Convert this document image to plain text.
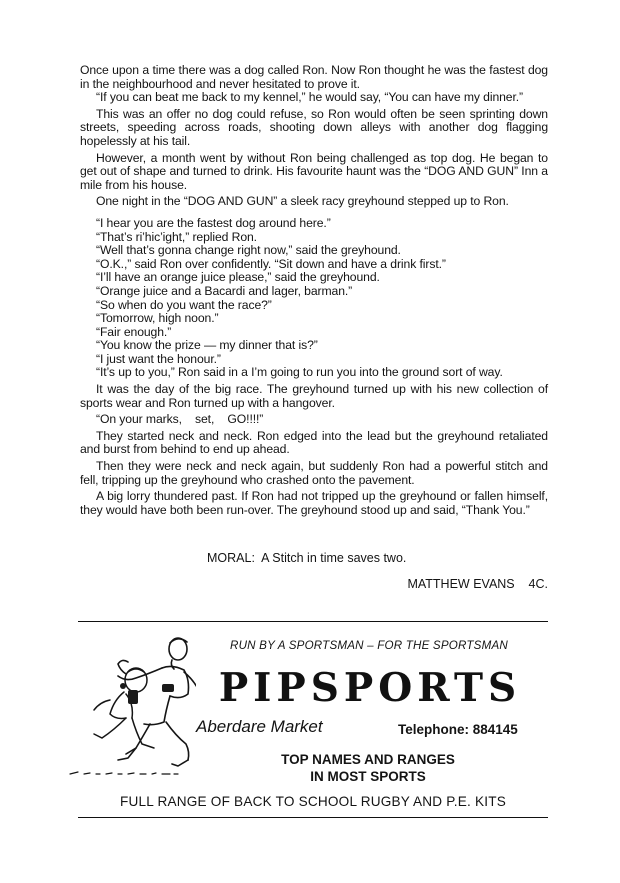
Once upon a time there was a dog called Ron. Now Ron thought he was the fastest dog in the neighbourhood and never hesitated to prove it.

“If you can beat me back to my kennel,” he would say, “You can have my dinner.”

This was an offer no dog could refuse, so Ron would often be seen sprinting down streets, speeding across roads, shooting down alleys with another dog flagging hopelessly at his tail.

However, a month went by without Ron being challenged as top dog. He began to get out of shape and turned to drink. His favourite haunt was the “DOG AND GUN” Inn a mile from his house.

One night in the “DOG AND GUN” a sleek racy greyhound stepped up to Ron.

“I hear you are the fastest dog around here.”

“That’s ri’hic’ight,” replied Ron.

“Well that’s gonna change right now,” said the greyhound.

“O.K.,” said Ron over confidently. “Sit down and have a drink first.”

“I’ll have an orange juice please,” said the greyhound.

“Orange juice and a Bacardi and lager, barman.”

“So when do you want the race?”

“Tomorrow, high noon.”

“Fair enough.”

“You know the prize — my dinner that is?”

“I just want the honour.”

“It’s up to you,” Ron said in a I’m going to run you into the ground sort of way.

It was the day of the big race. The greyhound turned up with his new collection of sports wear and Ron turned up with a hangover.

“On your marks,    set,    GO!!!!”

They started neck and neck. Ron edged into the lead but the greyhound retaliated and burst from behind to end up ahead.

Then they were neck and neck again, but suddenly Ron had a powerful stitch and fell, tripping up the greyhound who crashed onto the pavement.

A big lorry thundered past. If Ron had not tripped up the greyhound or fallen himself, they would have both been run-over. The greyhound stood up and said, “Thank You.”

MORAL:  A Stitch in time saves two.
MATTHEW EVANS    4C.
RUN BY A SPORTSMAN – FOR THE SPORTSMAN
PIPSPORTS
Aberdare Market	Telephone: 884145
TOP NAMES AND RANGES
IN MOST SPORTS
FULL RANGE OF BACK TO SCHOOL RUGBY AND P.E. KITS
